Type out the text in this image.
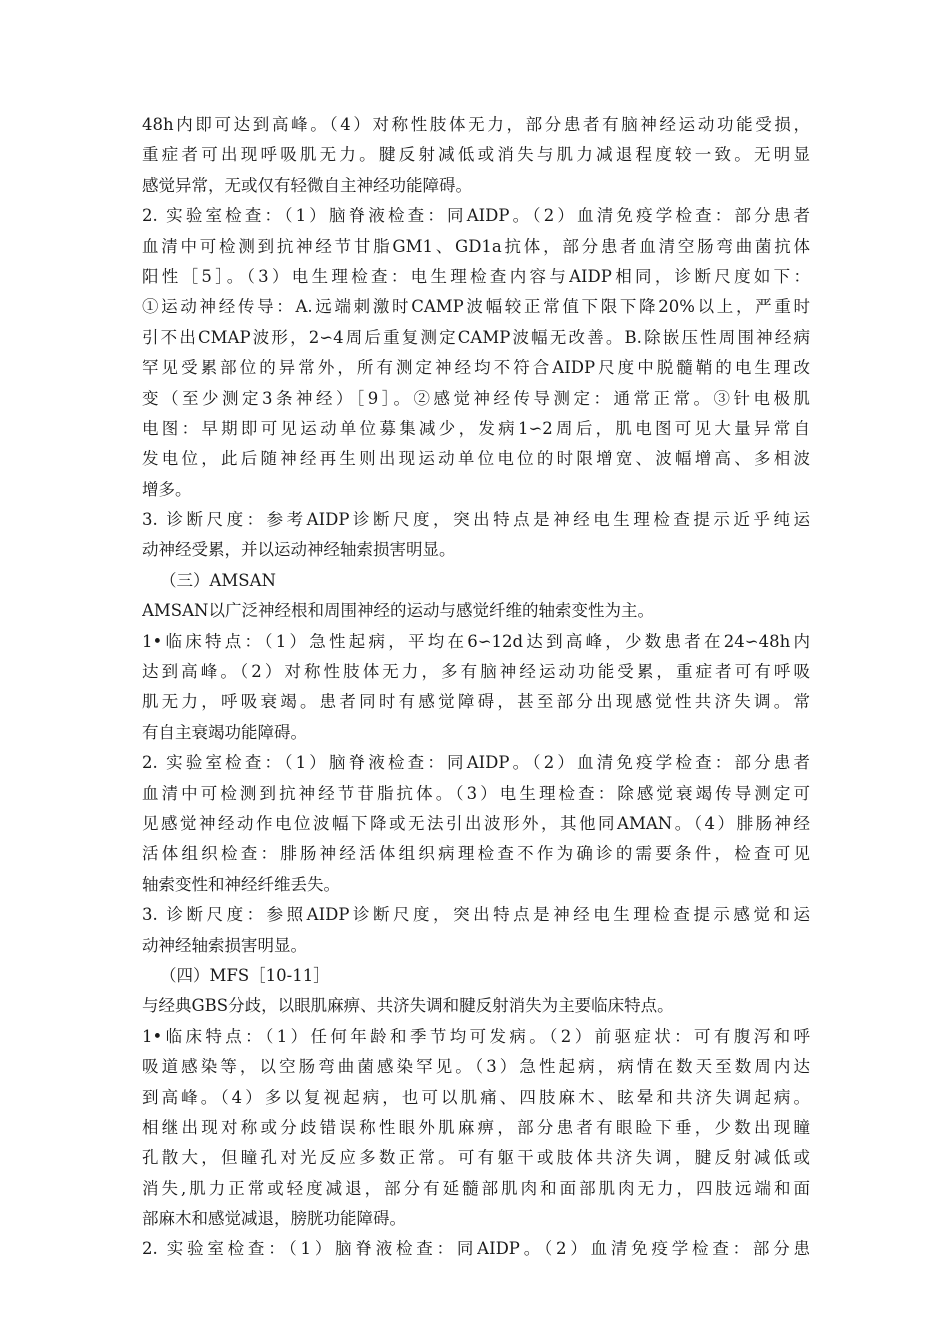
48h内即可达到高峰。（4）对称性肢体无力，部分患者有脑神经运动功能受损，
重症者可出现呼吸肌无力。腱反射减低或消失与肌力减退程度较一致。无明显
感觉异常，无或仅有轻微自主神经功能障碍。
2. 实验室检查：（1）脑脊液检查：同AIDP。（2）血清免疫学检查：部分患者
血清中可检测到抗神经节甘脂GM1、GD1a抗体，部分患者血清空肠弯曲菌抗体
阳性［5］。（3）电生理检查：电生理检查内容与AIDP相同，诊断尺度如下：
①运动神经传导：A.远端刺激时CAMP波幅较正常值下限下降20%以上，严重时
引不出CMAP波形，2∽4周后重复测定CAMP波幅无改善。B.除嵌压性周围神经病
罕见受累部位的异常外，所有测定神经均不符合AIDP尺度中脱髓鞘的电生理改
变（至少测定3条神经）［9］。②感觉神经传导测定：通常正常。③针电极肌
电图：早期即可见运动单位募集减少，发病1∽2周后，肌电图可见大量异常自
发电位，此后随神经再生则出现运动单位电位的时限增宽、波幅增高、多相波
增多。
3. 诊断尺度：参考AIDP诊断尺度，突出特点是神经电生理检查提示近乎纯运
动神经受累，并以运动神经轴索损害明显。
（三）AMSAN
AMSAN以广泛神经根和周围神经的运动与感觉纤维的轴索变性为主。
1•临床特点：（1）急性起病，平均在6∽12d达到高峰，少数患者在24∽48h内
达到高峰。（2）对称性肢体无力，多有脑神经运动功能受累，重症者可有呼吸
肌无力，呼吸衰竭。患者同时有感觉障碍，甚至部分出现感觉性共济失调。常
有自主衰竭功能障碍。
2. 实验室检查：（1）脑脊液检查：同AIDP。（2）血清免疫学检查：部分患者
血清中可检测到抗神经节苷脂抗体。（3）电生理检查：除感觉衰竭传导测定可
见感觉神经动作电位波幅下降或无法引出波形外，其他同AMAN。（4）腓肠神经
活体组织检查：腓肠神经活体组织病理检查不作为确诊的需要条件，检查可见
轴索变性和神经纤维丢失。
3. 诊断尺度：参照AIDP诊断尺度，突出特点是神经电生理检查提示感觉和运
动神经轴索损害明显。
（四）MFS［10-11］
与经典GBS分歧，以眼肌麻痹、共济失调和腱反射消失为主要临床特点。
1•临床特点：（1）任何年龄和季节均可发病。（2）前驱症状：可有腹泻和呼
吸道感染等，以空肠弯曲菌感染罕见。（3）急性起病，病情在数天至数周内达
到高峰。（4）多以复视起病，也可以肌痛、四肢麻木、眩晕和共济失调起病。
相继出现对称或分歧错误称性眼外肌麻痹，部分患者有眼睑下垂，少数出现瞳
孔散大，但瞳孔对光反应多数正常。可有躯干或肢体共济失调，腱反射减低或
消失,肌力正常或轻度减退，部分有延髓部肌肉和面部肌肉无力，四肢远端和面
部麻木和感觉减退，膀胱功能障碍。
2. 实验室检查：（1）脑脊液检查：同AIDP。（2）血清免疫学检查：部分患
